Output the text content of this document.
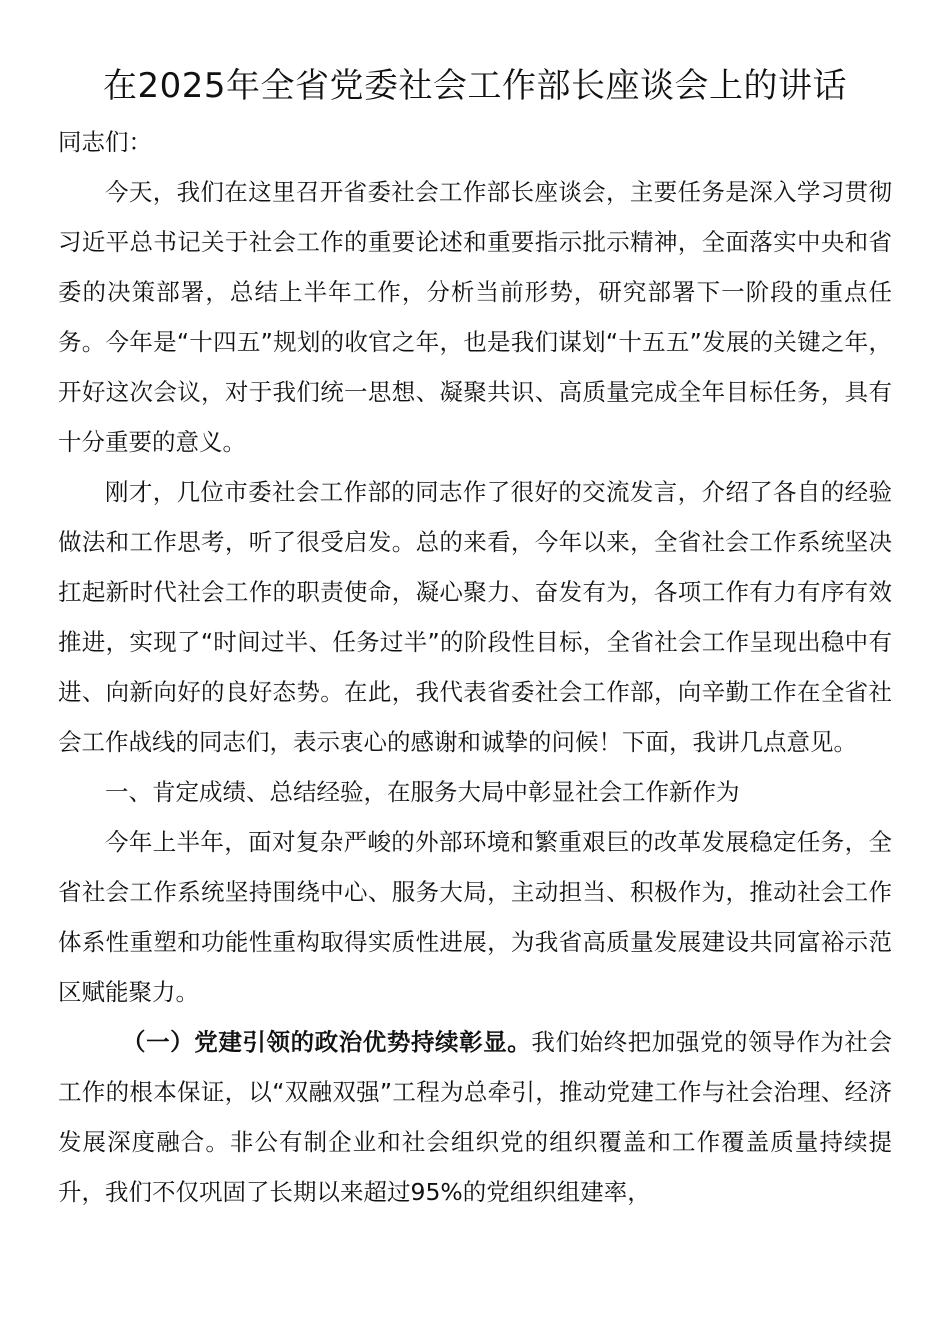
在2025年全省党委社会工作部长座谈会上的讲话

同志们：

今天，我们在这里召开省委社会工作部长座谈会，主要任务是深入学习贯彻习近平总书记关于社会工作的重要论述和重要指示批示精神，全面落实中央和省委的决策部署，总结上半年工作，分析当前形势，研究部署下一阶段的重点任务。今年是“十四五”规划的收官之年，也是我们谋划“十五五”发展的关键之年，开好这次会议，对于我们统一思想、凝聚共识、高质量完成全年目标任务，具有十分重要的意义。

刚才，几位市委社会工作部的同志作了很好的交流发言，介绍了各自的经验做法和工作思考，听了很受启发。总的来看，今年以来，全省社会工作系统坚决扛起新时代社会工作的职责使命，凝心聚力、奋发有为，各项工作有力有序有效推进，实现了“时间过半、任务过半”的阶段性目标，全省社会工作呈现出稳中有进、向新向好的良好态势。在此，我代表省委社会工作部，向辛勤工作在全省社会工作战线的同志们，表示衷心的感谢和诚挚的问候！下面，我讲几点意见。

一、肯定成绩、总结经验，在服务大局中彰显社会工作新作为

今年上半年，面对复杂严峻的外部环境和繁重艰巨的改革发展稳定任务，全省社会工作系统坚持围绕中心、服务大局，主动担当、积极作为，推动社会工作体系性重塑和功能性重构取得实质性进展，为我省高质量发展建设共同富裕示范区赋能聚力。

（一）党建引领的政治优势持续彰显。我们始终把加强党的领导作为社会工作的根本保证，以“双融双强”工程为总牵引，推动党建工作与社会治理、经济发展深度融合。非公有制企业和社会组织党的组织覆盖和工作覆盖质量持续提升，我们不仅巩固了长期以来超过95%的党组织组建率，
